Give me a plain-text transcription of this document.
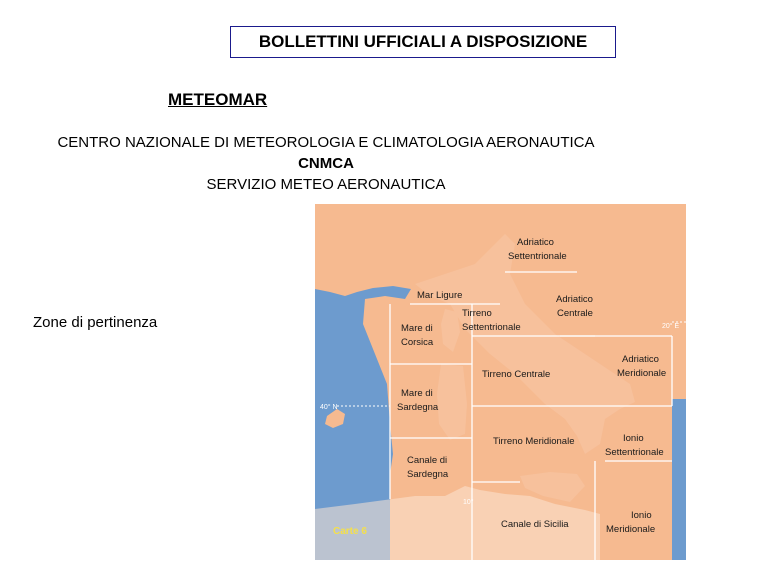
BOLLETTINI UFFICIALI A DISPOSIZIONE
METEOMAR
CENTRO NAZIONALE DI METEOROLOGIA E CLIMATOLOGIA AERONAUTICA
CNMCA
SERVIZIO METEO AERONAUTICA
Zone di pertinenza
Adriatico Settentrionale
Mar Ligure	Adriatico Centrale
Tirreno Settentrionale
Mare di Corsica
Adriatico Meridionale
Tirreno Centrale
Mare di Sardegna
Tirreno Meridionale	Ionio Settentrionale
Canale di Sardegna
Canale di Sicilia
Ionio Meridionale
40° N
10°
20° E
Carte 6
